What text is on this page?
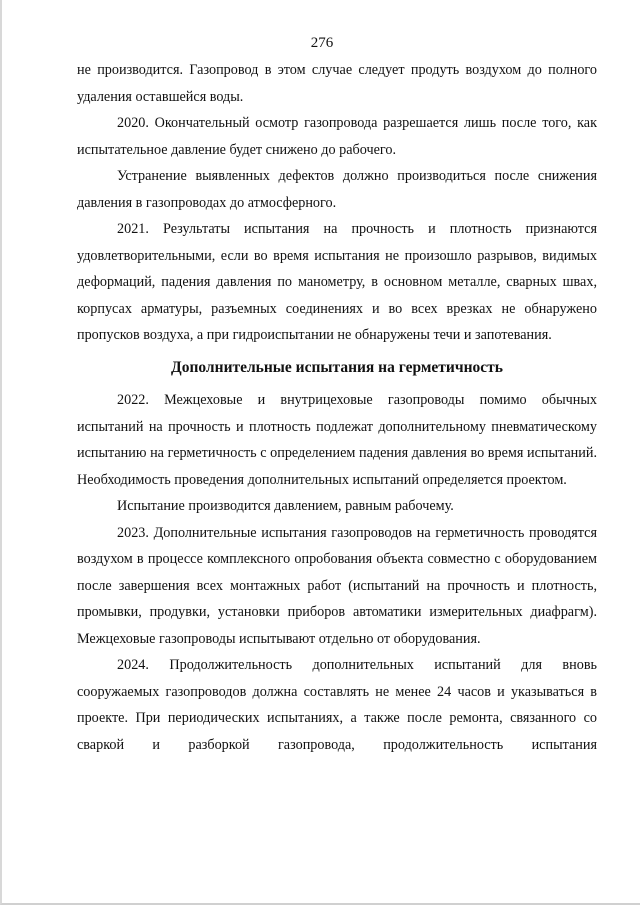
276

не производится. Газопровод в этом случае следует продуть воздухом до полного удаления оставшейся воды.

2020. Окончательный осмотр газопровода разрешается лишь после того, как испытательное давление будет снижено до рабочего.

Устранение выявленных дефектов должно производиться после снижения давления в газопроводах до атмосферного.

2021. Результаты испытания на прочность и плотность признаются удовлетворительными, если во время испытания не произошло разрывов, видимых деформаций, падения давления по манометру, в основном металле, сварных швах, корпусах арматуры, разъемных соединениях и во всех врезках не обнаружено пропусков воздуха, а при гидроиспытании не обнаружены течи и запотевания.

Дополнительные испытания на герметичность

2022. Межцеховые и внутрицеховые газопроводы помимо обычных испытаний на прочность и плотность подлежат дополнительному пневматическому испытанию на герметичность с определением падения давления во время испытаний. Необходимость проведения дополнительных испытаний определяется проектом.

Испытание производится давлением, равным рабочему.

2023. Дополнительные испытания газопроводов на герметичность проводятся воздухом в процессе комплексного опробования объекта совместно с оборудованием после завершения всех монтажных работ (испытаний на прочность и плотность, промывки, продувки, установки приборов автоматики измерительных диафрагм). Межцеховые газопроводы испытывают отдельно от оборудования.

2024. Продолжительность дополнительных испытаний для вновь сооружаемых газопроводов должна составлять не менее 24 часов и указываться в проекте. При периодических испытаниях, а также после ремонта, связанного со сваркой и разборкой газопровода, продолжительность испытания
